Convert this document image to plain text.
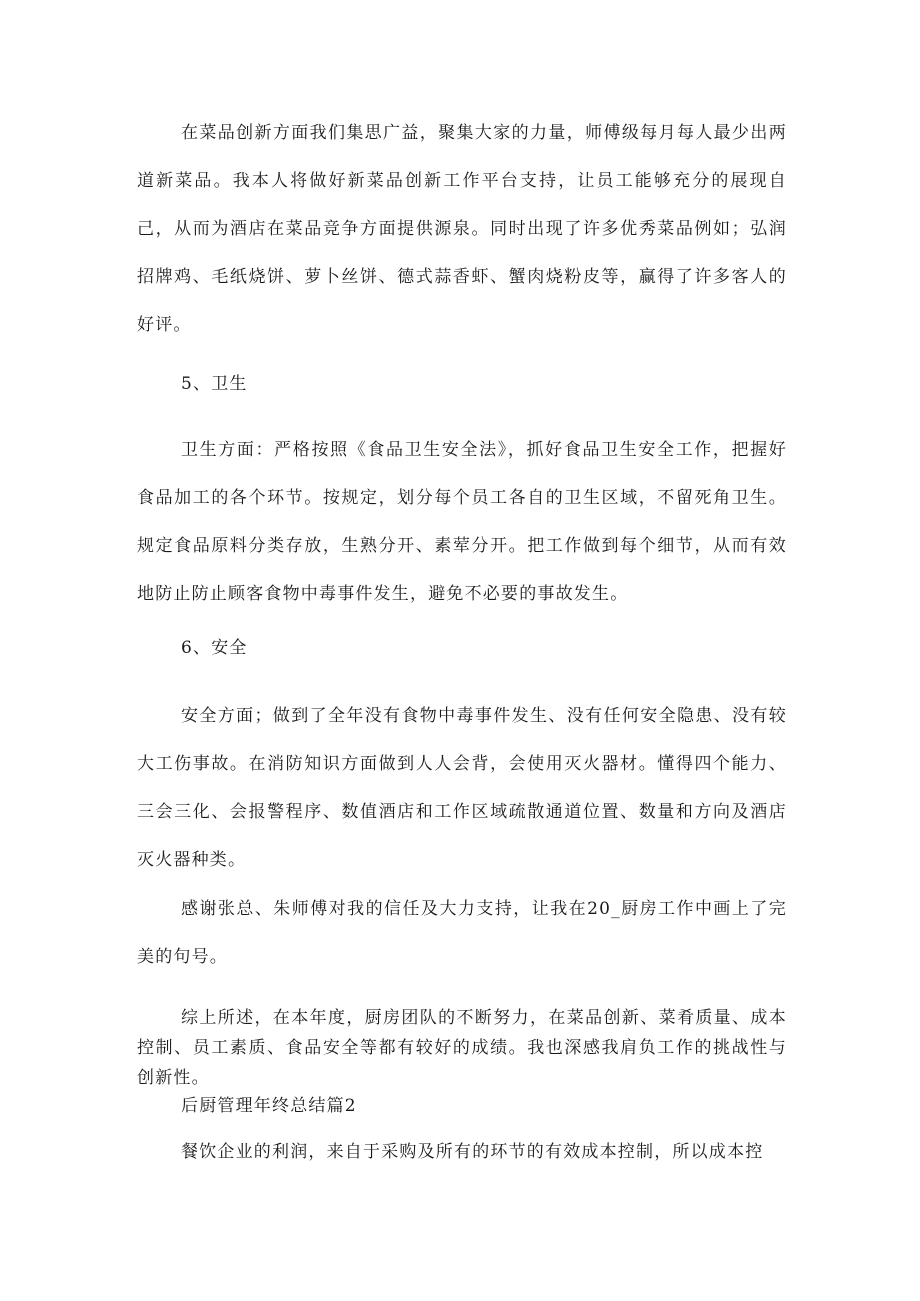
在菜品创新方面我们集思广益，聚集大家的力量，师傅级每月每人最少出两道新菜品。我本人将做好新菜品创新工作平台支持，让员工能够充分的展现自己，从而为酒店在菜品竞争方面提供源泉。同时出现了许多优秀菜品例如；弘润招牌鸡、毛纸烧饼、萝卜丝饼、德式蒜香虾、蟹肉烧粉皮等，赢得了许多客人的好评。

5、卫生

卫生方面：严格按照《食品卫生安全法》，抓好食品卫生安全工作，把握好食品加工的各个环节。按规定，划分每个员工各自的卫生区域，不留死角卫生。规定食品原料分类存放，生熟分开、素荤分开。把工作做到每个细节，从而有效地防止防止顾客食物中毒事件发生，避免不必要的事故发生。

6、安全

安全方面；做到了全年没有食物中毒事件发生、没有任何安全隐患、没有较大工伤事故。在消防知识方面做到人人会背，会使用灭火器材。懂得四个能力、三会三化、会报警程序、数值酒店和工作区域疏散通道位置、数量和方向及酒店灭火器种类。

感谢张总、朱师傅对我的信任及大力支持，让我在20_厨房工作中画上了完美的句号。

综上所述，在本年度，厨房团队的不断努力，在菜品创新、菜肴质量、成本控制、员工素质、食品安全等都有较好的成绩。我也深感我肩负工作的挑战性与创新性。

后厨管理年终总结篇2

餐饮企业的利润，来自于采购及所有的环节的有效成本控制，所以成本控
